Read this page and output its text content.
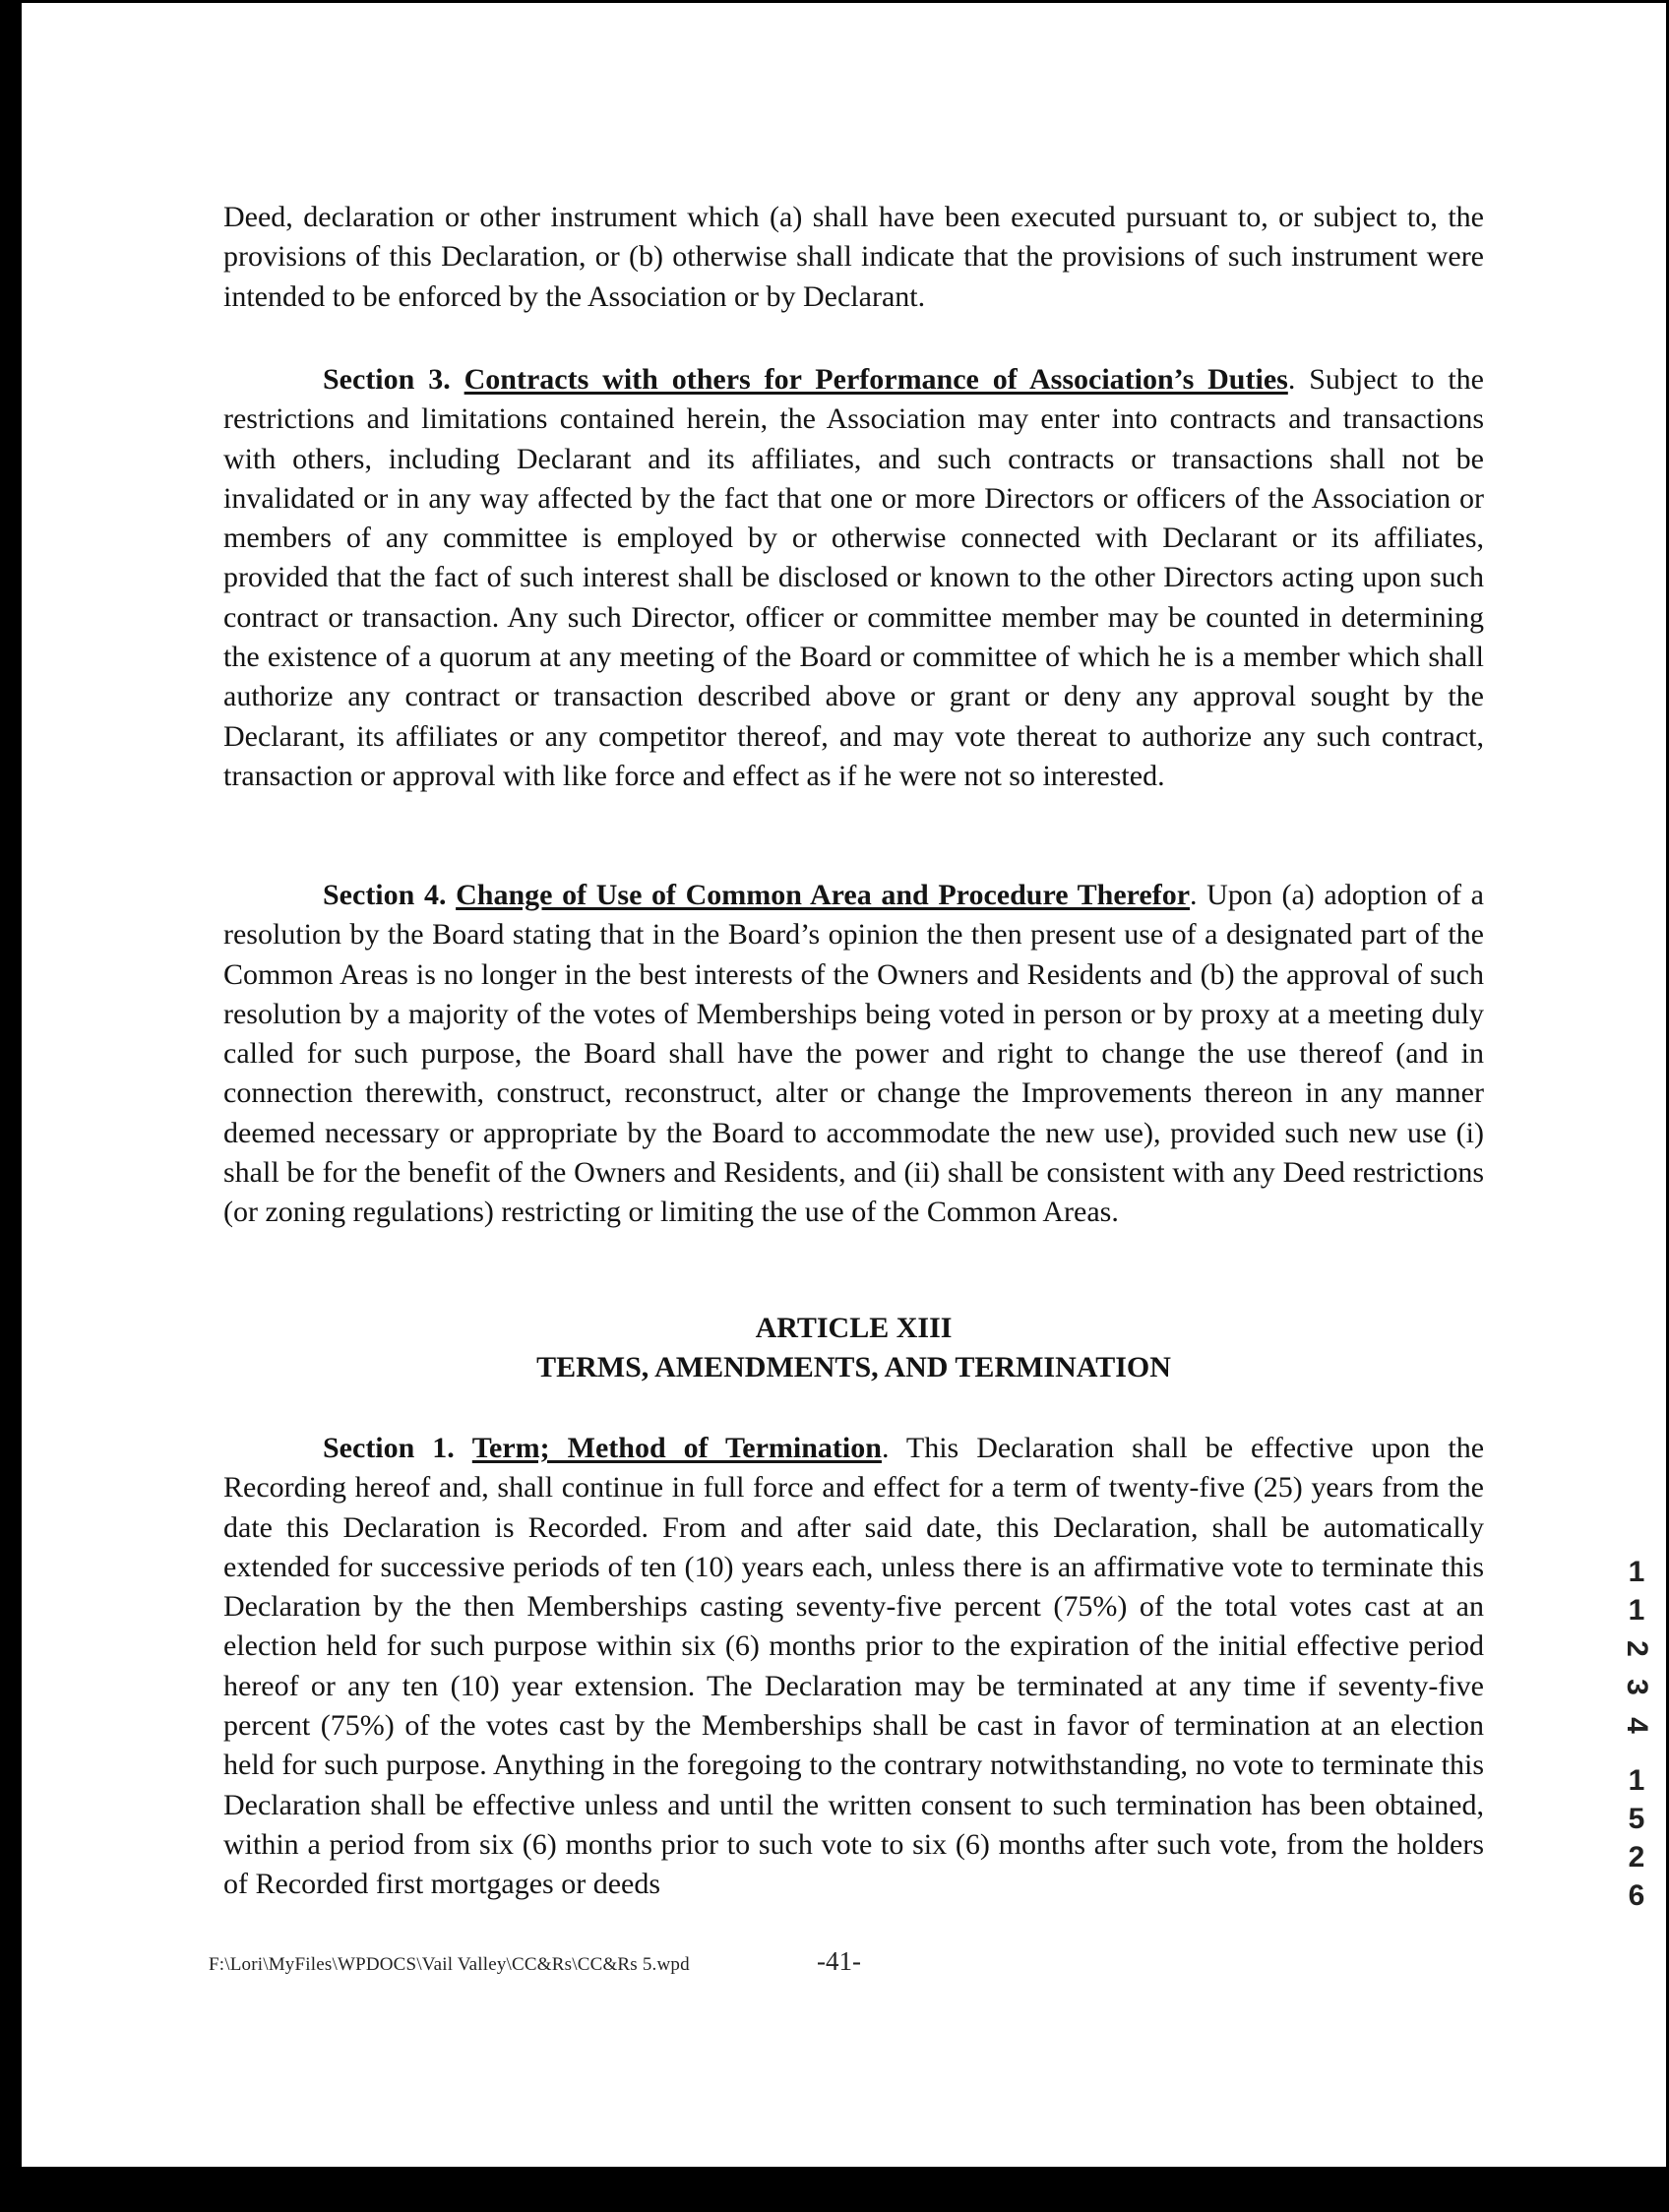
Deed, declaration or other instrument which (a) shall have been executed pursuant to, or subject to, the provisions of this Declaration, or (b) otherwise shall indicate that the provisions of such instrument were intended to be enforced by the Association or by Declarant.

Section 3. Contracts with others for Performance of Association’s Duties. Subject to the restrictions and limitations contained herein, the Association may enter into contracts and transactions with others, including Declarant and its affiliates, and such contracts or transactions shall not be invalidated or in any way affected by the fact that one or more Directors or officers of the Association or members of any committee is employed by or otherwise connected with Declarant or its affiliates, provided that the fact of such interest shall be disclosed or known to the other Directors acting upon such contract or transaction. Any such Director, officer or committee member may be counted in determining the existence of a quorum at any meeting of the Board or committee of which he is a member which shall authorize any contract or transaction described above or grant or deny any approval sought by the Declarant, its affiliates or any competitor thereof, and may vote thereat to authorize any such contract, transaction or approval with like force and effect as if he were not so interested.

Section 4. Change of Use of Common Area and Procedure Therefor. Upon (a) adoption of a resolution by the Board stating that in the Board’s opinion the then present use of a designated part of the Common Areas is no longer in the best interests of the Owners and Residents and (b) the approval of such resolution by a majority of the votes of Memberships being voted in person or by proxy at a meeting duly called for such purpose, the Board shall have the power and right to change the use thereof (and in connection therewith, construct, reconstruct, alter or change the Improvements thereon in any manner deemed necessary or appropriate by the Board to accommodate the new use), provided such new use (i) shall be for the benefit of the Owners and Residents, and (ii) shall be consistent with any Deed restrictions (or zoning regulations) restricting or limiting the use of the Common Areas.

ARTICLE XIII
TERMS, AMENDMENTS, AND TERMINATION

Section 1. Term; Method of Termination. This Declaration shall be effective upon the Recording hereof and, shall continue in full force and effect for a term of twenty-five (25) years from the date this Declaration is Recorded. From and after said date, this Declaration, shall be automatically extended for successive periods of ten (10) years each, unless there is an affirmative vote to terminate this Declaration by the then Memberships casting seventy-five percent (75%) of the total votes cast at an election held for such purpose within six (6) months prior to the expiration of the initial effective period hereof or any ten (10) year extension. The Declaration may be terminated at any time if seventy-five percent (75%) of the votes cast by the Memberships shall be cast in favor of termination at an election held for such purpose. Anything in the foregoing to the contrary notwithstanding, no vote to terminate this Declaration shall be effective unless and until the written consent to such termination has been obtained, within a period from six (6) months prior to such vote to six (6) months after such vote, from the holders of Recorded first mortgages or deeds

F:\Lori\MyFiles\WPDOCS\Vail Valley\CC&Rs\CC&Rs 5.wpd	-41-
1
1
2
3
4
1
5
2
6
